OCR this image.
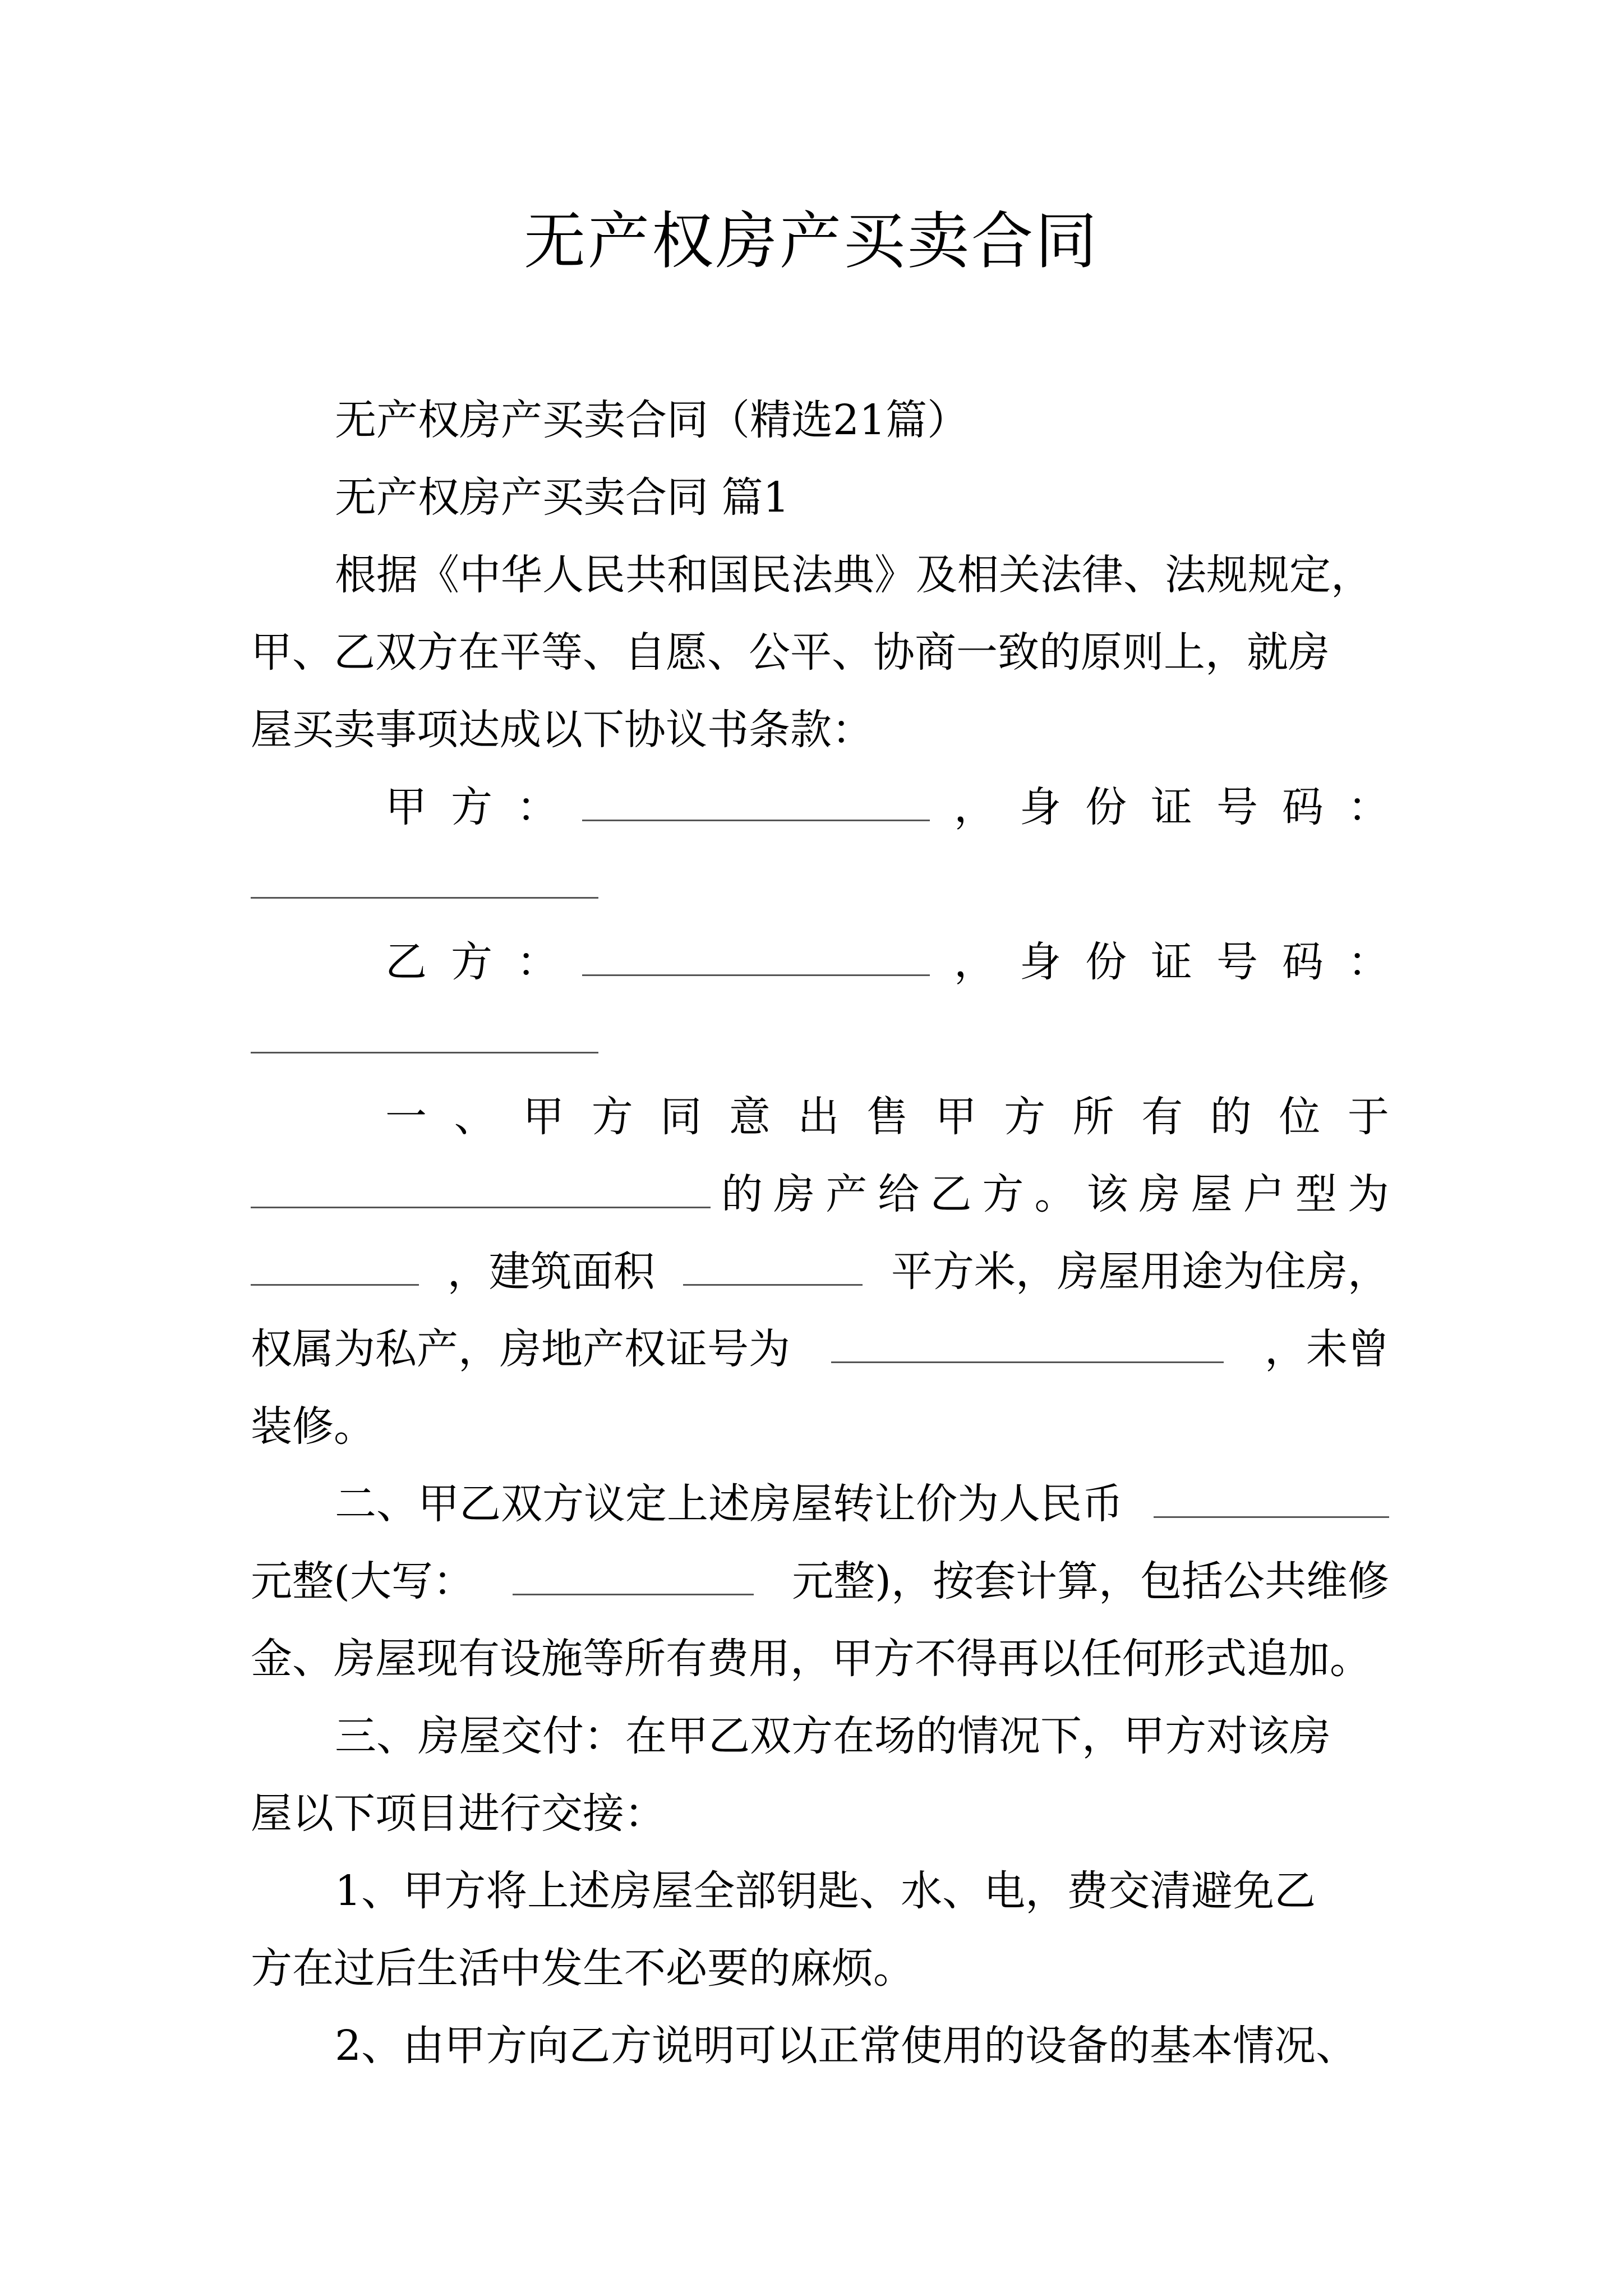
无产权房产买卖合同
无产权房产买卖合同（精选21篇）
无产权房产买卖合同 篇1
根据《中华人民共和国民法典》及相关法律、法规规定，
甲、乙双方在平等、自愿、公平、协商一致的原则上，就房
屋买卖事项达成以下协议书条款：
甲 方 ：	， 身 份 证 号 码 ：
乙 方 ：	， 身 份 证 号 码 ：
一 、 甲 方 同 意 出 售 甲 方 所 有 的 位 于
的 房 产 给 乙 方 。 该 房 屋 户 型 为
，建筑面积	平方米，房屋用途为住房，
权属为私产，房地产权证号为	，未曾
装修。
二、甲乙双方议定上述房屋转让价为人民币
元整(大写：	元整)，按套计算，包括公共维修
金、房屋现有设施等所有费用，甲方不得再以任何形式追加。
三、房屋交付：在甲乙双方在场的情况下，甲方对该房
屋以下项目进行交接：
1、甲方将上述房屋全部钥匙、水、电，费交清避免乙
方在过后生活中发生不必要的麻烦。
2、由甲方向乙方说明可以正常使用的设备的基本情况、
